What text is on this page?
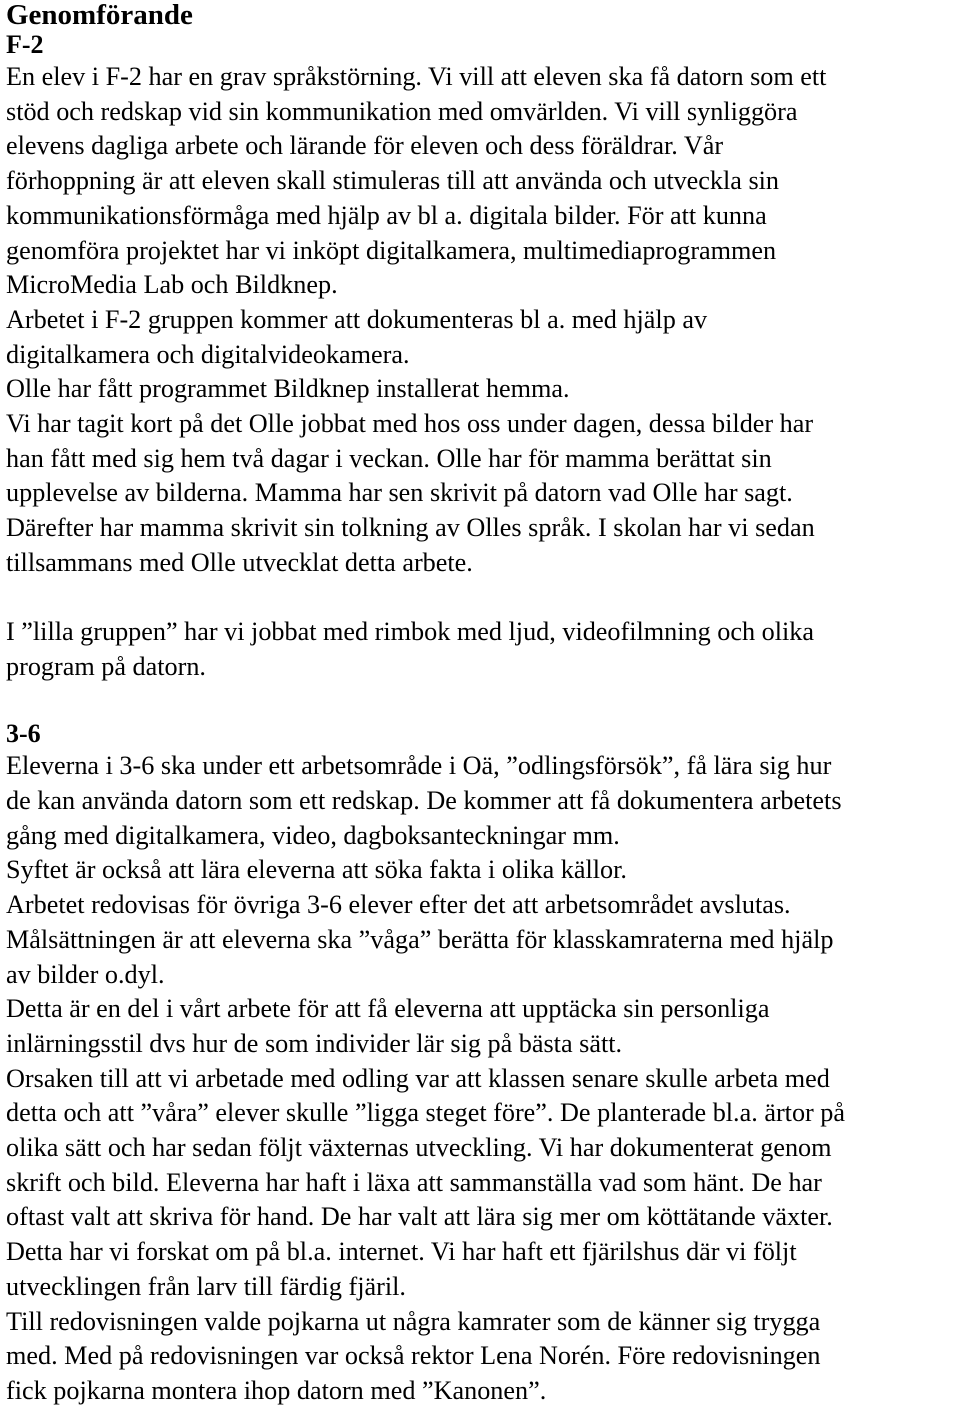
Genomförande
F-2

En elev i F-2 har en grav språkstörning. Vi vill att eleven ska få datorn som ett

stöd och redskap vid sin kommunikation med omvärlden. Vi vill synliggöra

elevens dagliga arbete och lärande för eleven och dess föräldrar. Vår

förhoppning är att eleven skall stimuleras till att använda och utveckla sin

kommunikationsförmåga med hjälp av bl a. digitala bilder. För att kunna

genomföra projektet har vi inköpt digitalkamera, multimediaprogrammen

MicroMedia Lab och Bildknep.

Arbetet i F-2 gruppen kommer att dokumenteras bl a. med hjälp av

digitalkamera och digitalvideokamera.

Olle har fått programmet Bildknep installerat hemma.

Vi har tagit kort på det Olle jobbat med hos oss under dagen, dessa bilder har

han fått med sig hem två dagar i veckan. Olle har för mamma berättat sin

upplevelse av bilderna. Mamma har sen skrivit på datorn vad Olle har sagt.

Därefter har mamma skrivit sin tolkning av Olles språk. I skolan har vi sedan

tillsammans med Olle utvecklat detta arbete.

I ”lilla gruppen” har vi jobbat med rimbok med ljud, videofilmning och olika

program på datorn.

3-6

Eleverna i 3-6 ska under ett arbetsområde i Oä, ”odlingsförsök”, få lära sig hur

de kan använda datorn som ett redskap. De kommer att få dokumentera arbetets

gång med digitalkamera, video, dagboksanteckningar mm.

Syftet är också att lära eleverna att söka fakta i olika källor.

Arbetet redovisas för övriga 3-6 elever efter det att arbetsområdet avslutas.

Målsättningen är att eleverna ska ”våga” berätta för klasskamraterna med hjälp

av bilder o.dyl.

Detta är en del i vårt arbete för att få eleverna att upptäcka sin personliga

inlärningsstil dvs hur de som individer lär sig på bästa sätt.

Orsaken till att vi arbetade med odling var att klassen senare skulle arbeta med

detta och att ”våra” elever skulle ”ligga steget före”. De planterade bl.a. ärtor på

olika sätt och har sedan följt växternas utveckling. Vi har dokumenterat genom

skrift och bild. Eleverna har haft i läxa att sammanställa vad som hänt. De har

oftast valt att skriva för hand. De har valt att lära sig mer om köttätande växter.

Detta har vi forskat om på bl.a. internet. Vi har haft ett fjärilshus där vi följt

utvecklingen från larv till färdig fjäril.

Till redovisningen valde pojkarna ut några kamrater som de känner sig trygga

med. Med på redovisningen var också rektor Lena Norén. Före redovisningen

fick pojkarna montera ihop datorn med ”Kanonen”.
